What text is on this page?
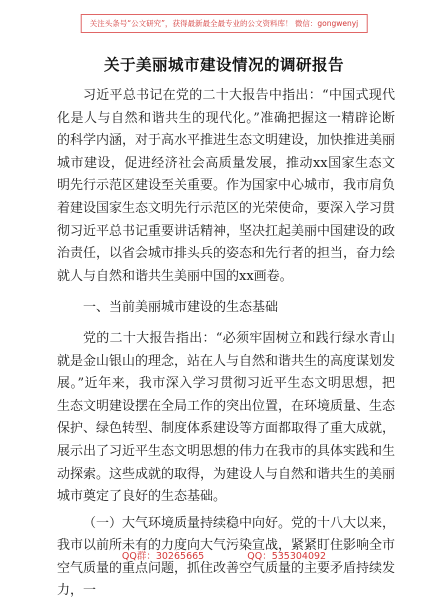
关注头条号“公文研究”，获得最新最全最专业的公文资料库！ 微信：gongwenyj
关于美丽城市建设情况的调研报告

习近平总书记在党的二十大报告中指出：“中国式现代化是人与自然和谐共生的现代化。”准确把握这一精辟论断的科学内涵，对于高水平推进生态文明建设，加快推进美丽城市建设，促进经济社会高质量发展，推动xx国家生态文明先行示范区建设至关重要。作为国家中心城市，我市肩负着建设国家生态文明先行示范区的光荣使命，要深入学习贯彻习近平总书记重要讲话精神，坚决扛起美丽中国建设的政治责任，以省会城市排头兵的姿态和先行者的担当，奋力绘就人与自然和谐共生美丽中国的xx画卷。

一、当前美丽城市建设的生态基础

党的二十大报告指出：“必须牢固树立和践行绿水青山就是金山银山的理念，站在人与自然和谐共生的高度谋划发展。”近年来，我市深入学习贯彻习近平生态文明思想，把生态文明建设摆在全局工作的突出位置，在环境质量、生态保护、绿色转型、制度体系建设等方面都取得了重大成就，展示出了习近平生态文明思想的伟力在我市的具体实践和生动探索。这些成就的取得，为建设人与自然和谐共生的美丽城市奠定了良好的生态基础。

（一）大气环境质量持续稳中向好。党的十八大以来，我市以前所未有的力度向大气污染宣战，紧紧盯住影响全市空气质量的重点问题，抓住改善空气质量的主要矛盾持续发力，一

QQ群：30265665	QQ：535304092
